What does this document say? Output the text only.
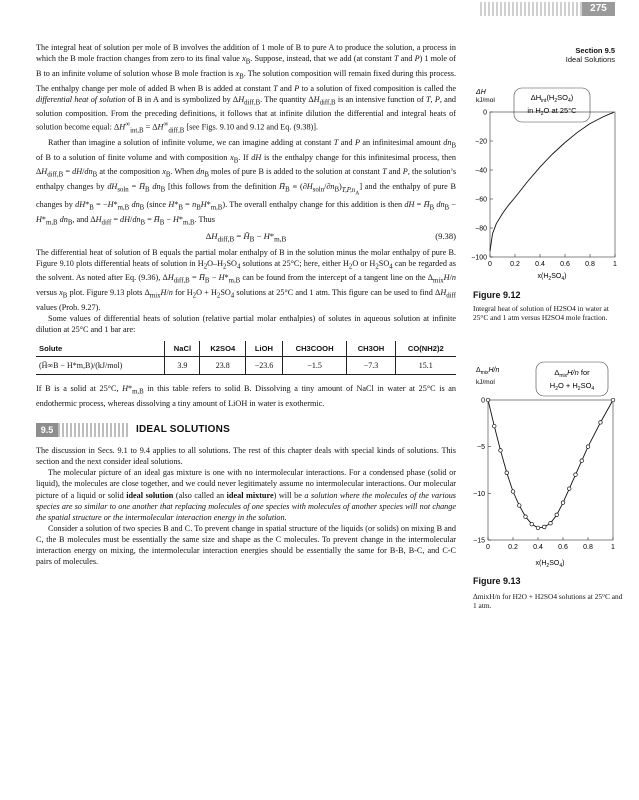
275
Section 9.5
Ideal Solutions

The integral heat of solution per mole of B involves the addition of 1 mole of B to pure A to produce the solution, a process in which the B mole fraction changes from zero to its final value $x_B$. Suppose, instead, that we add (at constant T and P) 1 mole of B to an infinite volume of solution whose B mole fraction is $x_B$. The solution composition will remain fixed during this process. The enthalpy change per mole of added B when B is added at constant T and P to a solution of fixed composition is called the differential heat of solution of B in A and is symbolized by $\Delta H_{diff,B}$. The quantity $\Delta H_{diff,B}$ is an intensive function of T, P, and solution composition. From the preceding definitions, it follows that at infinite dilution the differential and integral heats of solution become equal: $\Delta H^\infty_{int,B} = \Delta H^\infty_{diff,B}$ [see Figs. 9.10 and 9.12 and Eq. (9.38)].

Rather than imagine a solution of infinite volume, we can imagine adding at constant T and P an infinitesimal amount $dn_B$ of B to a solution of finite volume and with composition $x_B$. If dH is the enthalpy change for this infinitesimal process, then $\Delta H_{diff,B} = dH/dn_B$ at the composition $x_B$. When $dn_B$ moles of pure B is added to the solution at constant T and P, the solution’s enthalpy changes by $dH_{soln}$ = $H̄_B$ $dn_B$ [this follows from the definition $H̄_B \equiv (\partial H_{soln}/\partial n_B)_{T,P,n_A}$] and the enthalpy of pure B changes by $dH*_B = -H*_{m,B}$ $dn_B$ (since $H*_B = n_BH*_{m,B}$). The overall enthalpy change for this addition is then dH = $H̄_B$ $dn_B - H*_{m,B}$ $dn_B$, and $\Delta H_{diff} = dH/dn_B$ = $H̄_B - H*_{m,B}$. Thus

$\Delta H_{diff,B}$ = $H̄_B - H*_{m,B}$	(9.38)

The differential heat of solution of B equals the partial molar enthalpy of B in the solution minus the molar enthalpy of pure B. Figure 9.10 plots differential heats of solution in $H_2O-H_2SO_4$ solutions at 25°C; here, either $H_2O$ or $H_2SO_4$ can be regarded as the solvent. As noted after Eq. (9.36), $\Delta H_{diff,B}$ = $H̄_B - H*_{m,B}$ can be found from the intercept of a tangent line on the $\Delta_{mix}H/n$ versus $x_B$ plot. Figure 9.13 plots $\Delta_{mix}H/n$ for $H_2O + H_2SO_4$ solutions at 25°C and 1 atm. This figure can be used to find $\Delta H_{diff}$ values (Prob. 9.27).

Some values of differential heats of solution (relative partial molar enthalpies) of solutes in aqueous solution at infinite dilution at 25°C and 1 bar are:

Solute	NaCl	K2SO4	LiOH	CH3COOH	CH3OH	CO(NH2)2
(H̄∞B − H*m,B)/(kJ/mol)	3.9	23.8	−23.6	−1.5	−7.3	15.1

If B is a solid at 25°C, $H*_{m,B}$ in this table refers to solid B. Dissolving a tiny amount of NaCl in water at 25°C is an endothermic process, whereas dissolving a tiny amount of LiOH in water is exothermic.

9.5	IDEAL SOLUTIONS

The discussion in Secs. 9.1 to 9.4 applies to all solutions. The rest of this chapter deals with special kinds of solutions. This section and the next consider ideal solutions.

The molecular picture of an ideal gas mixture is one with no intermolecular interactions. For a condensed phase (solid or liquid), the molecules are close together, and we could never legitimately assume no intermolecular interactions. Our molecular picture of a liquid or solid ideal solution (also called an ideal mixture) will be a solution where the molecules of the various species are so similar to one another that replacing molecules of one species with molecules of another species will not change the spatial structure or the intermolecular interaction energy in the solution.

Consider a solution of two species B and C. To prevent change in spatial structure of the liquids (or solids) on mixing B and C, the B molecules must be essentially the same size and shape as the C molecules. To prevent change in the intermolecular interaction energy on mixing, the intermolecular interaction energies should be essentially the same for B-B, B-C, and C-C pairs of molecules.

ΔH
kJ/mol	$\Delta H_{int}(H_2SO_4)$
in $H_2O$ at 25°C
0
−20
−40
−60
−80
−100
0	0.2 0.4 0.6 0.8	1
$x(H_2SO_4)$
Figure 9.12
Integral heat of solution of H2SO4 in water at 25°C and 1 atm versus H2SO4 mole fraction.
$\Delta_{mix}H/n$
kJ/mol
$\Delta_{mix}H/n$ for
$H_2O + H_2SO_4$
0
−5
−10
−15
0	0.2 0.4 0.6 0.8	1
$x(H_2SO_4)$
Figure 9.13
ΔmixH/n for H2O + H2SO4 solutions at 25°C and 1 atm.
